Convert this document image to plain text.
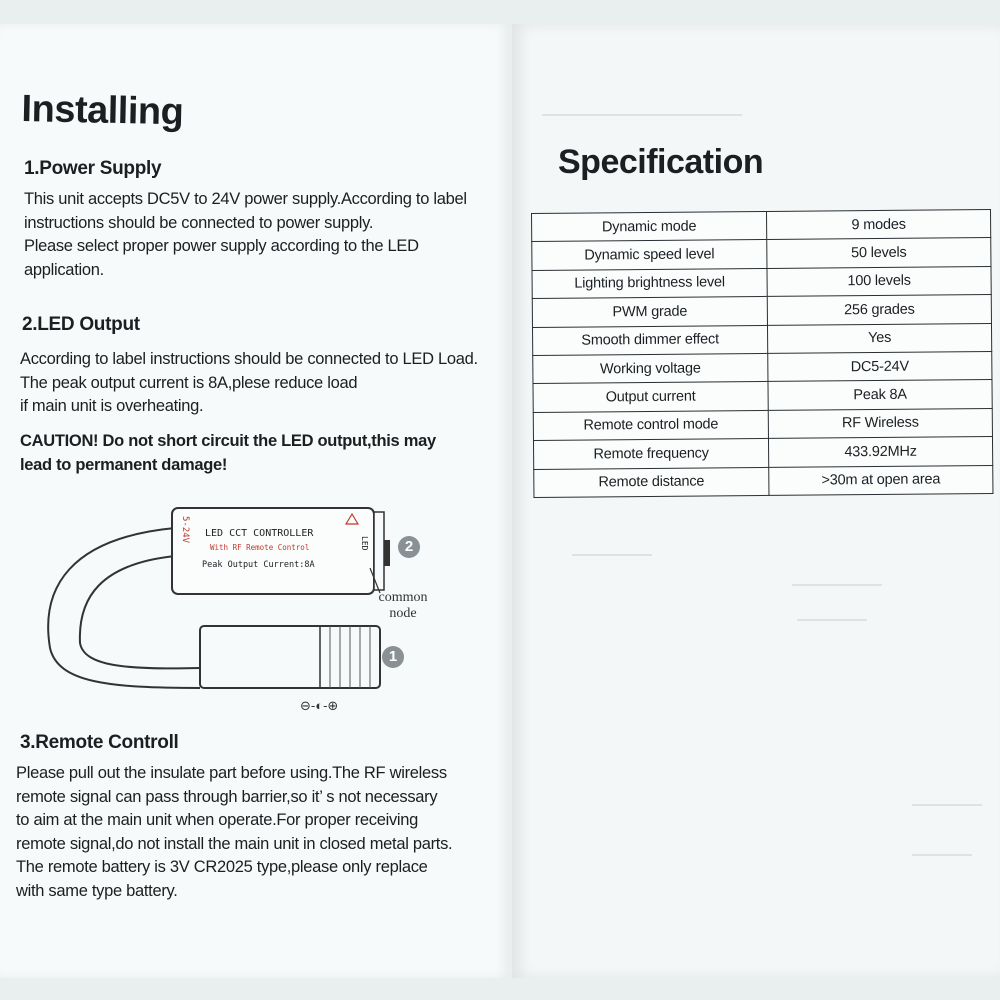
Installing
1.Power Supply
This unit accepts DC5V to 24V power supply.According to label
instructions should be connected to power supply.
Please select proper power supply according to the LED
application.
2.LED Output
According to label instructions should be connected to LED Load.
The peak output current is 8A,plese reduce load
if main unit is overheating.
CAUTION! Do not short circuit the LED output,this may
lead to permanent damage!
5-24V LED CCT CONTROLLER
With RF Remote Control
Peak Output Current:8A
LED	2
1
common
node
⊖-◐-⊕
3.Remote Controll
Please pull out the insulate part before using.The RF wireless
remote signal can pass through barrier,so it’ s not necessary
to aim at the main unit when operate.For proper receiving
remote signal,do not install the main unit in closed metal parts.
The remote battery is 3V CR2025 type,please only replace
with same type battery.
Specification
Dynamic mode	9 modes
Dynamic speed level	50 levels
Lighting brightness level	100 levels
PWM grade	256 grades
Smooth dimmer effect	Yes
Working voltage	DC5-24V
Output current	Peak 8A
Remote control mode	RF Wireless
Remote frequency	433.92MHz
Remote distance	>30m at open area
